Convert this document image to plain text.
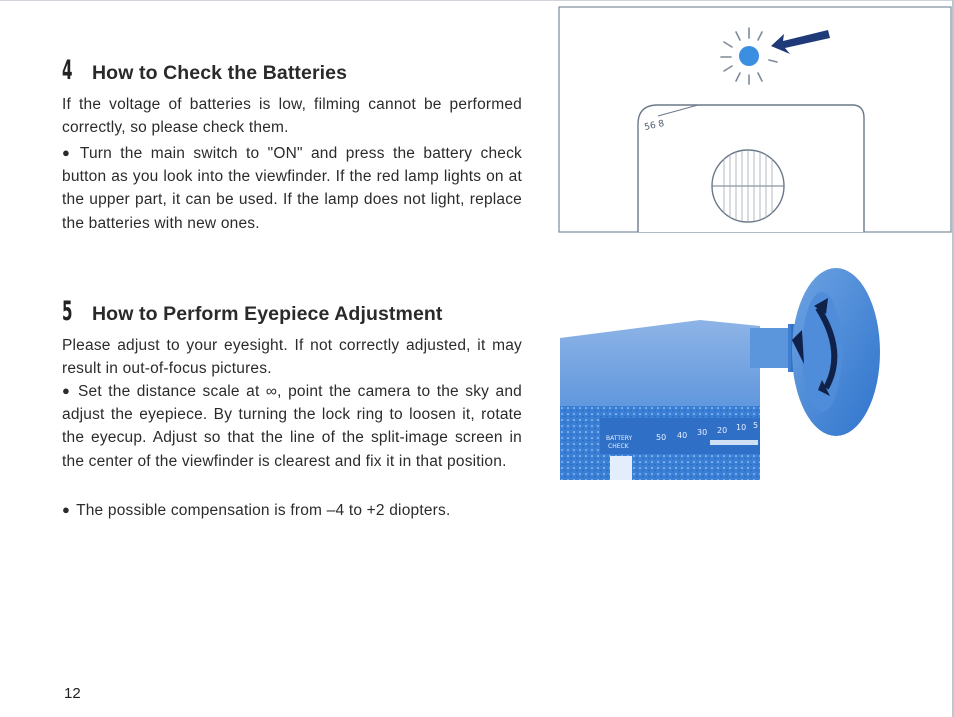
4 How to Check the Batteries

If the voltage of batteries is low, filming cannot be performed correctly, so please check them.

● Turn the main switch to "ON" and press the battery check button as you look into the viewfinder. If the red lamp lights on at the upper part, it can be used. If the lamp does not light, replace the batteries with new ones.

5 How to Perform Eyepiece Adjustment

Please adjust to your eyesight. If not correctly adjusted, it may result in out-of-focus pictures.

● Set the distance scale at ∞, point the camera to the sky and adjust the eyepiece. By turning the lock ring to loosen it, rotate the eyecup. Adjust so that the line of the split-image screen in the center of the viewfinder is clearest and fix it in that position.

● The possible compensation is from –4 to +2 diopters.

56 8
BATTERY
CHECK
50 40 30 20 10 5
12
